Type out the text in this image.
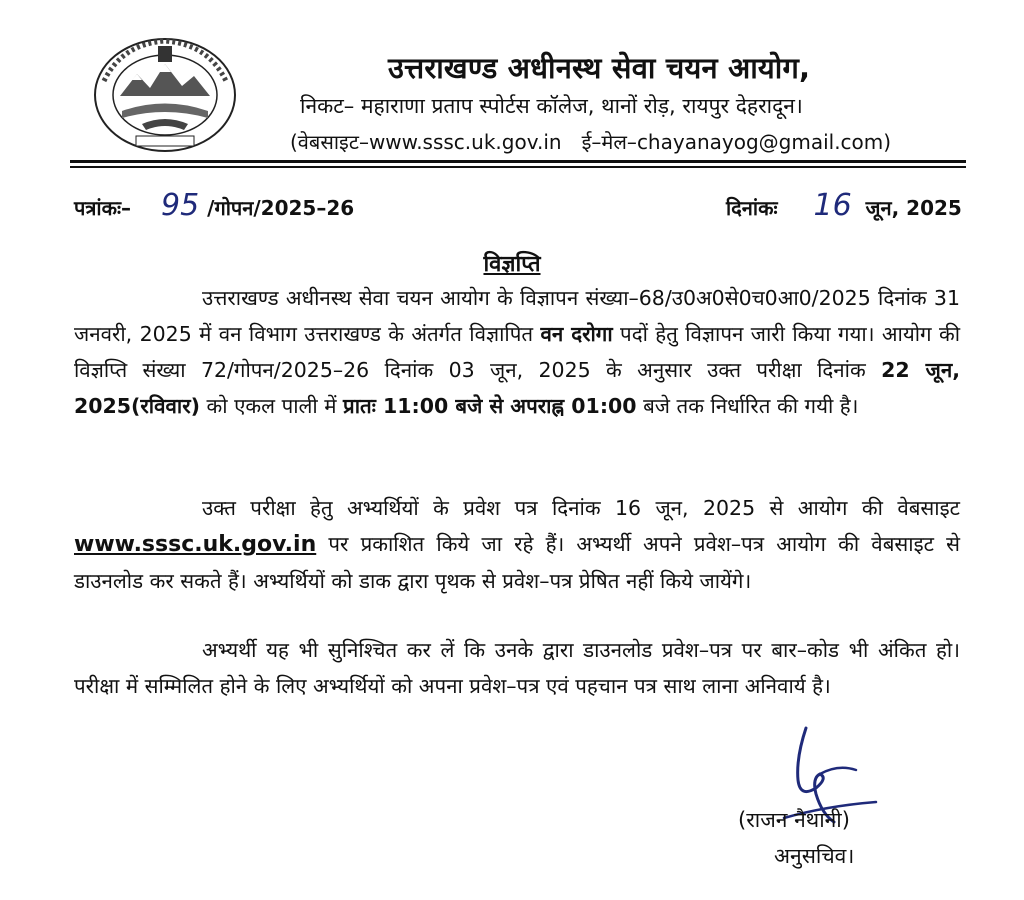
उत्तराखण्ड अधीनस्थ सेवा चयन आयोग,
निकट– महाराणा प्रताप स्पोर्टस कॉलेज, थानों रोड़, रायपुर देहरादून।
(वेबसाइट–www.sssc.uk.gov.in ई–मेल–chayanayog@gmail.com)
पत्रांकः– 95 /गोपन/2025–26	दिनांकः 16 जून, 2025
विज्ञप्ति
उत्तराखण्ड अधीनस्थ सेवा चयन आयोग के विज्ञापन संख्या–68/उ0अ0से0च0आ0/2025 दिनांक 31 जनवरी, 2025 में वन विभाग उत्तराखण्ड के अंतर्गत विज्ञापित वन दरोगा पदों हेतु विज्ञापन जारी किया गया। आयोग की विज्ञप्ति संख्या 72/गोपन/2025–26 दिनांक 03 जून, 2025 के अनुसार उक्त परीक्षा दिनांक 22 जून, 2025(रविवार) को एकल पाली में प्रातः 11:00 बजे से अपराह्न 01:00 बजे तक निर्धारित की गयी है।
उक्त परीक्षा हेतु अभ्यर्थियों के प्रवेश पत्र दिनांक 16 जून, 2025 से आयोग की वेबसाइट www.sssc.uk.gov.in पर प्रकाशित किये जा रहे हैं। अभ्यर्थी अपने प्रवेश–पत्र आयोग की वेबसाइट से डाउनलोड कर सकते हैं। अभ्यर्थियों को डाक द्वारा पृथक से प्रवेश–पत्र प्रेषित नहीं किये जायेंगे।
अभ्यर्थी यह भी सुनिश्चित कर लें कि उनके द्वारा डाउनलोड प्रवेश–पत्र पर बार–कोड भी अंकित हो। परीक्षा में सम्मिलित होने के लिए अभ्यर्थियों को अपना प्रवेश–पत्र एवं पहचान पत्र साथ लाना अनिवार्य है।
(राजन नैथानी)
अनुसचिव।
